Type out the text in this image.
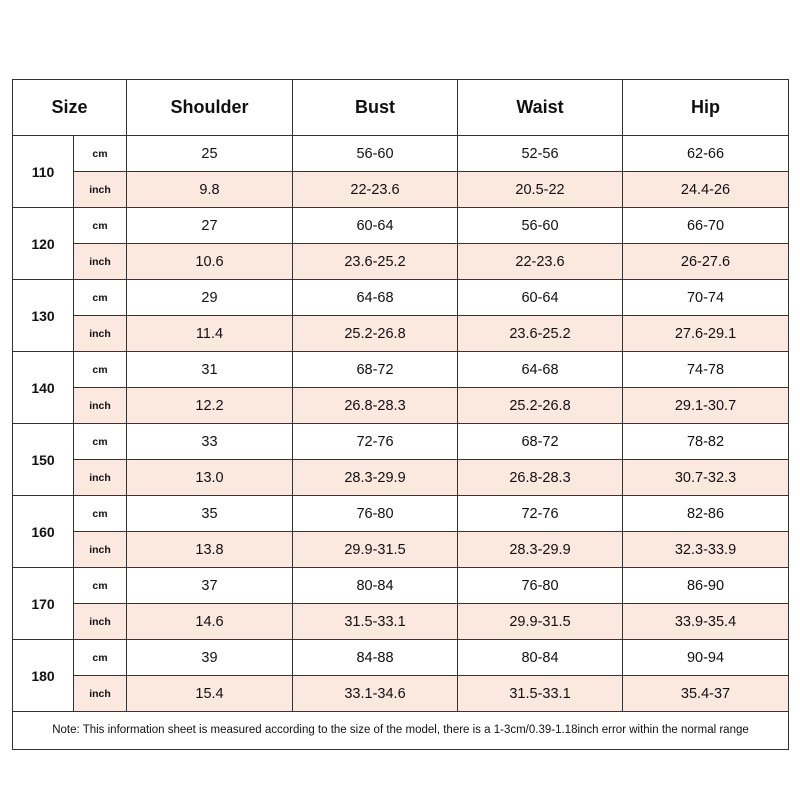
Size		Shoulder	Bust	Waist	Hip
110	cm	25	56-60	52-56	62-66
	inch	9.8	22-23.6	20.5-22	24.4-26
120	cm	27	60-64	56-60	66-70
	inch	10.6	23.6-25.2	22-23.6	26-27.6
130	cm	29	64-68	60-64	70-74
	inch	11.4	25.2-26.8	23.6-25.2	27.6-29.1
140	cm	31	68-72	64-68	74-78
	inch	12.2	26.8-28.3	25.2-26.8	29.1-30.7
150	cm	33	72-76	68-72	78-82
	inch	13.0	28.3-29.9	26.8-28.3	30.7-32.3
160	cm	35	76-80	72-76	82-86
	inch	13.8	29.9-31.5	28.3-29.9	32.3-33.9
170	cm	37	80-84	76-80	86-90
	inch	14.6	31.5-33.1	29.9-31.5	33.9-35.4
180	cm	39	84-88	80-84	90-94
	inch	15.4	33.1-34.6	31.5-33.1	35.4-37
Note: This information sheet is measured according to the size of the model, there is a 1-3cm/0.39-1.18inch error within the normal range					
